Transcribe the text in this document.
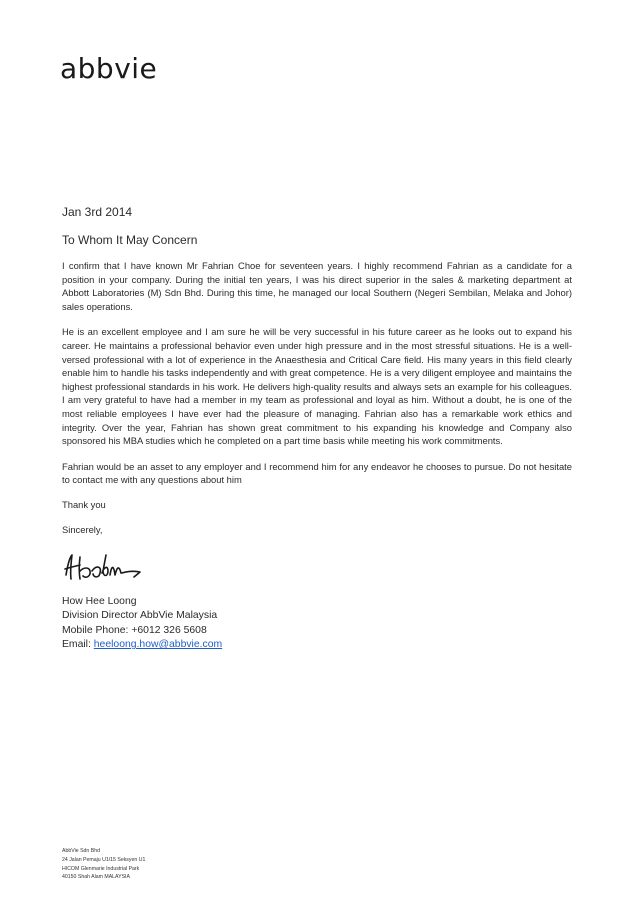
abbvie
Jan 3rd 2014
To Whom It May Concern

I confirm that I have known Mr Fahrian Choe for seventeen years. I highly recommend Fahrian as a candidate for a position in your company. During the initial ten years, I was his direct superior in the sales & marketing department at Abbott Laboratories (M) Sdn Bhd. During this time, he managed our local Southern (Negeri Sembilan, Melaka and Johor) sales operations.

He is an excellent employee and I am sure he will be very successful in his future career as he looks out to expand his career. He maintains a professional behavior even under high pressure and in the most stressful situations. He is a well-versed professional with a lot of experience in the Anaesthesia and Critical Care field. His many years in this field clearly enable him to handle his tasks independently and with great competence. He is a very diligent employee and maintains the highest professional standards in his work. He delivers high-quality results and always sets an example for his colleagues. I am very grateful to have had a member in my team as professional and loyal as him. Without a doubt, he is one of the most reliable employees I have ever had the pleasure of managing. Fahrian also has a remarkable work ethics and integrity. Over the year, Fahrian has shown great commitment to his expanding his knowledge and Company also sponsored his MBA studies which he completed on a part time basis while meeting his work commitments.

Fahrian would be an asset to any employer and I recommend him for any endeavor he chooses to pursue. Do not hesitate to contact me with any questions about him

Thank you
Sincerely,
How Hee Loong
Division Director AbbVie Malaysia
Mobile Phone: +6012 326 5608
Email: heeloong.how@abbvie.com
AbbVie Sdn Bhd
24 Jalan Pemaju U1/15 Seksyen U1
HICOM Glenmarie Industrial Park
40150 Shah Alam MALAYSIA
